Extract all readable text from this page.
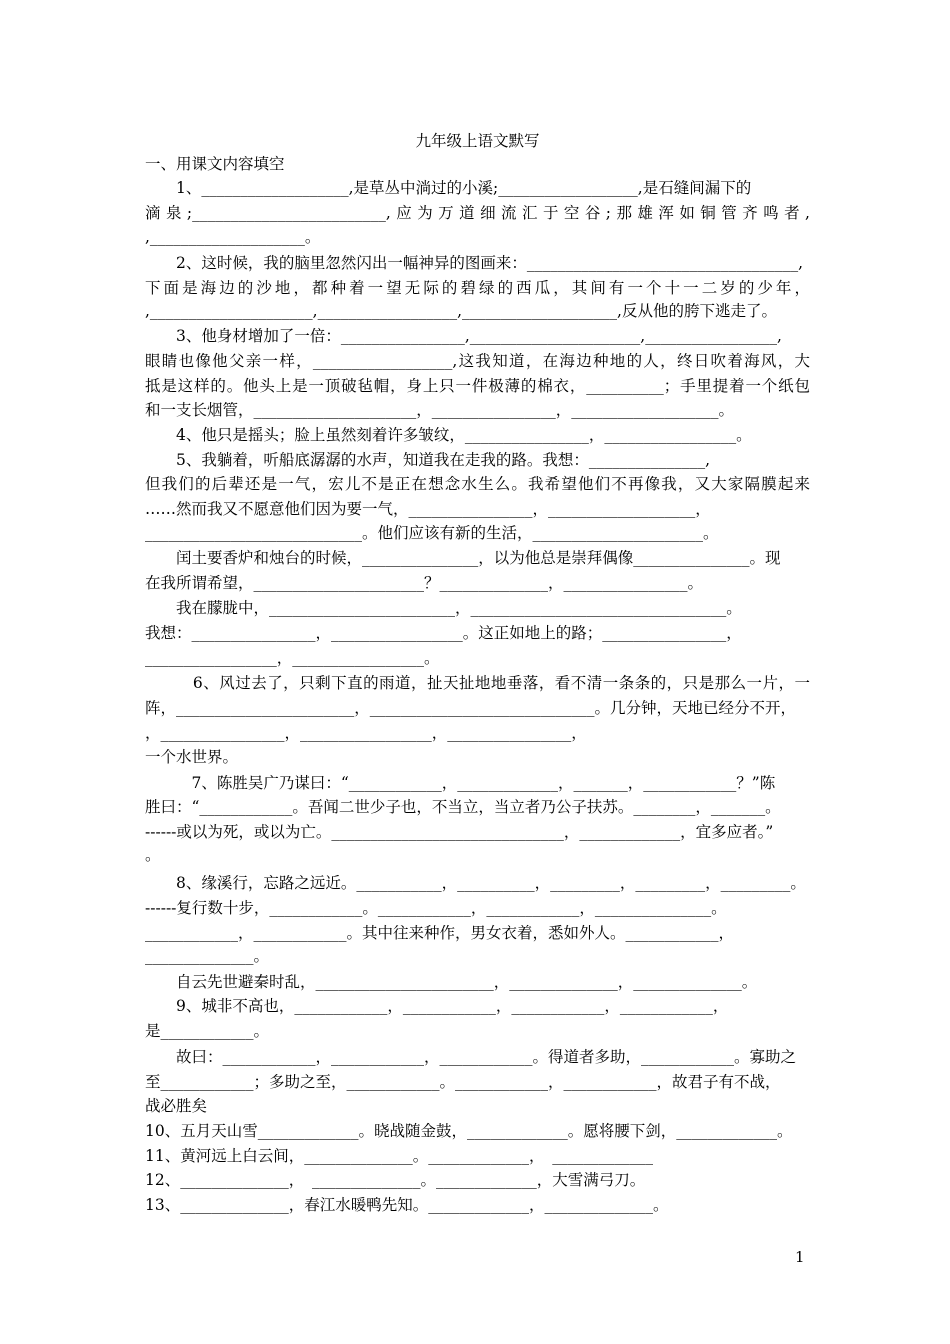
九年级上语文默写
一、用课文内容填空
　　1、___________________,是草丛中淌过的小溪;__________________,是石缝间漏下的
滴泉;_________________________,应为万道细流汇于空谷;那雄浑如铜管齐鸣者,
,____________________。
　　2、这时候，我的脑里忽然闪出一幅神异的图画来：___________________________________,
下面是海边的沙地，都种着一望无际的碧绿的西瓜，其间有一个十一二岁的少年，
,_____________________,__________________,____________________,反从他的胯下逃走了。
　　3、他身材增加了一倍：________________,______________________,_________________,
眼睛也像他父亲一样，__________________,这我知道，在海边种地的人，终日吹着海风，大
抵是这样的。他头上是一顶破毡帽，身上只一件极薄的棉衣，__________；手里提着一个纸包
和一支长烟管，_____________________，________________，___________________。
　　4、他只是摇头；脸上虽然刻着许多皱纹，________________，_________________。
　　5、我躺着，听船底潺潺的水声，知道我在走我的路。我想：_______________,
但我们的后辈还是一气，宏儿不是正在想念水生么。我希望他们不再像我，又大家隔膜起来
……然而我又不愿意他们因为要一气，________________，___________________，
____________________________。他们应该有新的生活，______________________。
　　闰土要香炉和烛台的时候，_______________，以为他总是崇拜偶像_______________。现
在我所谓希望，______________________？______________，________________。
　　我在朦胧中，________________________，_________________________________。
我想：________________，_________________。这正如地上的路；________________，
_________________，_________________。
　　　6、风过去了，只剩下直的雨道，扯天扯地地垂落，看不清一条条的，只是那么一片，一
阵，_______________________，_____________________________。几分钟，天地已经分不开，
，________________，_________________，________________，
一个水世界。
　　　7、陈胜吴广乃谋曰：“____________，_____________，_______，____________？”陈
胜曰：“____________。吾闻二世少子也，不当立，当立者乃公子扶苏。________，_______。
------或以为死，或以为亡。______________________________，_____________，宜多应者。”
。
　　8、缘溪行，忘路之远近。___________，__________，_________，_________，_________。
------复行数十步，____________。____________，____________，_______________。
____________，____________。其中往来种作，男女衣着，悉如外人。____________，
______________。
　　自云先世避秦时乱，_______________________，______________，______________。
　　9、城非不高也，____________，____________，____________，____________，
是____________。
　　故曰：____________，____________，____________。得道者多助，____________。寡助之
至____________；多助之至，____________。____________，____________，故君子有不战，
战必胜矣
10、五月天山雪_____________。晓战随金鼓，_____________。愿将腰下剑，_____________。
11、黄河远上白云间，______________。_____________，　_____________
12、______________，　______________。_____________，大雪满弓刀。
13、______________，春江水暖鸭先知。_____________，______________。
1
